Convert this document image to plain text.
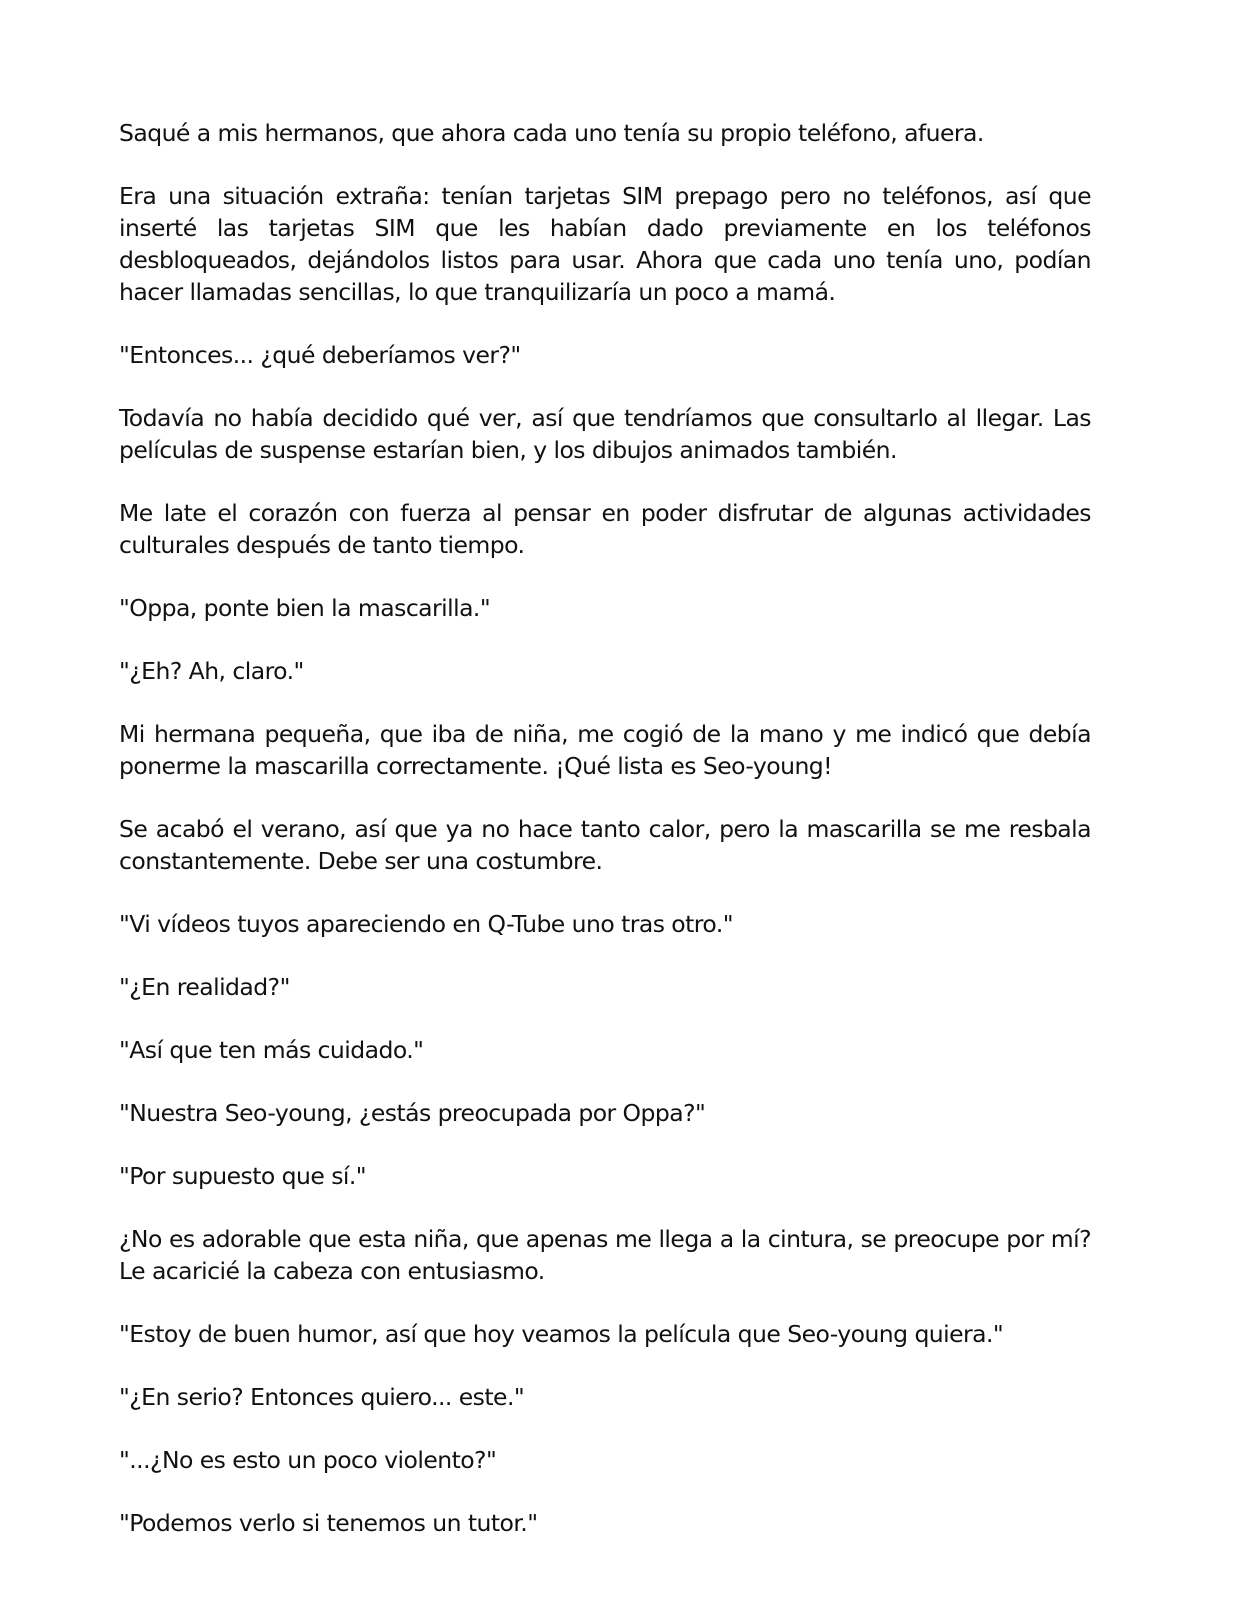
Saqué a mis hermanos, que ahora cada uno tenía su propio teléfono, afuera.

Era una situación extraña: tenían tarjetas SIM prepago pero no teléfonos, así que inserté las tarjetas SIM que les habían dado previamente en los teléfonos desbloqueados, dejándolos listos para usar. Ahora que cada uno tenía uno, podían hacer llamadas sencillas, lo que tranquilizaría un poco a mamá.

"Entonces... ¿qué deberíamos ver?"

Todavía no había decidido qué ver, así que tendríamos que consultarlo al llegar. Las películas de suspense estarían bien, y los dibujos animados también.

Me late el corazón con fuerza al pensar en poder disfrutar de algunas actividades culturales después de tanto tiempo.

"Oppa, ponte bien la mascarilla."

"¿Eh? Ah, claro."

Mi hermana pequeña, que iba de niña, me cogió de la mano y me indicó que debía ponerme la mascarilla correctamente. ¡Qué lista es Seo-young!

Se acabó el verano, así que ya no hace tanto calor, pero la mascarilla se me resbala constantemente. Debe ser una costumbre.

"Vi vídeos tuyos apareciendo en Q-Tube uno tras otro."

"¿En realidad?"

"Así que ten más cuidado."

"Nuestra Seo-young, ¿estás preocupada por Oppa?"

"Por supuesto que sí."

¿No es adorable que esta niña, que apenas me llega a la cintura, se preocupe por mí? Le acaricié la cabeza con entusiasmo.

"Estoy de buen humor, así que hoy veamos la película que Seo-young quiera."

"¿En serio? Entonces quiero... este."

"...¿No es esto un poco violento?"

"Podemos verlo si tenemos un tutor."
